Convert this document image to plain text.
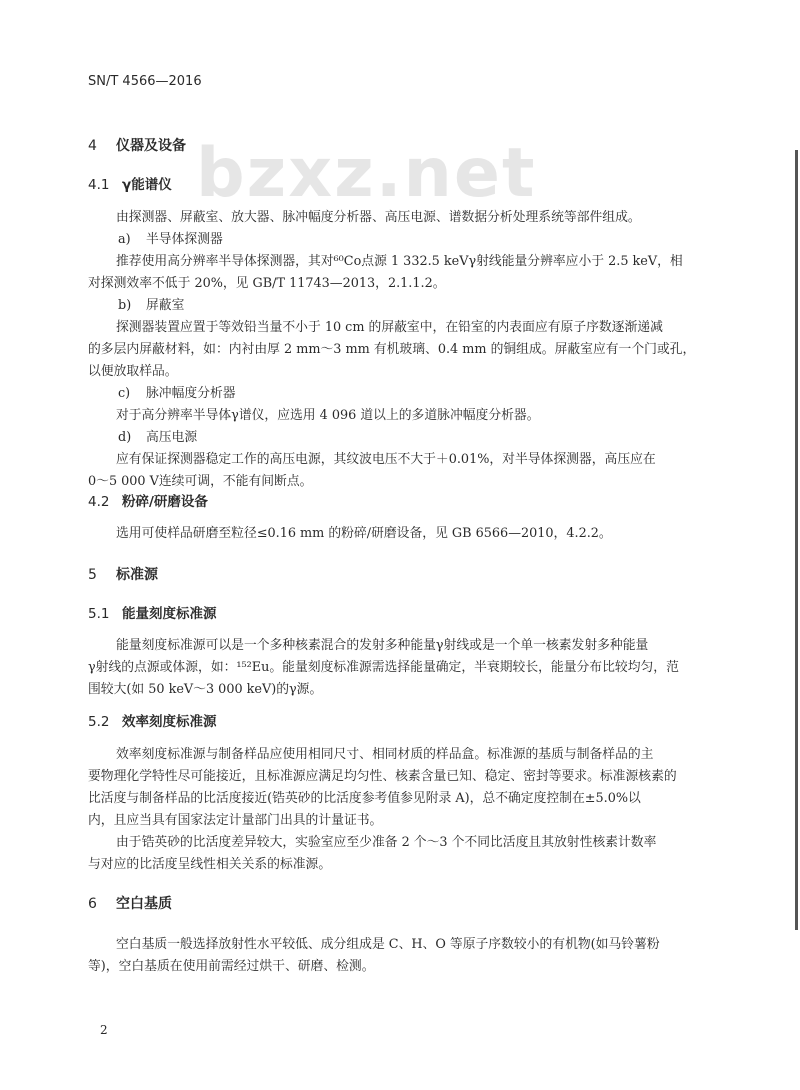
bzxz.net
SN/T 4566—2016
4 仪器及设备
4.1 γ能谱仪
由探测器、屏蔽室、放大器、脉冲幅度分析器、高压电源、谱数据分析处理系统等部件组成。
a) 半导体探测器
推荐使用高分辨率半导体探测器，其对⁶⁰Co点源 1 332.5 keVγ射线能量分辨率应小于 2.5 keV，相
对探测效率不低于 20%，见 GB/T 11743—2013，2.1.1.2。
b) 屏蔽室
探测器装置应置于等效铅当量不小于 10 cm 的屏蔽室中，在铅室的内表面应有原子序数逐渐递减
的多层内屏蔽材料，如：内衬由厚 2 mm～3 mm 有机玻璃、0.4 mm 的铜组成。屏蔽室应有一个门或孔，
以便放取样品。
c) 脉冲幅度分析器
对于高分辨率半导体γ谱仪，应选用 4 096 道以上的多道脉冲幅度分析器。
d) 高压电源
应有保证探测器稳定工作的高压电源，其纹波电压不大于＋0.01%，对半导体探测器，高压应在
0～5 000 V连续可调，不能有间断点。
4.2 粉碎/研磨设备
选用可使样品研磨至粒径≤0.16 mm 的粉碎/研磨设备，见 GB 6566—2010，4.2.2。
5 标准源
5.1 能量刻度标准源
能量刻度标准源可以是一个多种核素混合的发射多种能量γ射线或是一个单一核素发射多种能量
γ射线的点源或体源，如：¹⁵²Eu。能量刻度标准源需选择能量确定，半衰期较长，能量分布比较均匀，范
围较大(如 50 keV～3 000 keV)的γ源。
5.2 效率刻度标准源
效率刻度标准源与制备样品应使用相同尺寸、相同材质的样品盒。标准源的基质与制备样品的主
要物理化学特性尽可能接近，且标准源应满足均匀性、核素含量已知、稳定、密封等要求。标准源核素的
比活度与制备样品的比活度接近(锆英砂的比活度参考值参见附录 A)，总不确定度控制在±5.0%以
内，且应当具有国家法定计量部门出具的计量证书。
由于锆英砂的比活度差异较大，实验室应至少准备 2 个～3 个不同比活度且其放射性核素计数率
与对应的比活度呈线性相关关系的标准源。
6 空白基质
空白基质一般选择放射性水平较低、成分组成是 C、H、O 等原子序数较小的有机物(如马铃薯粉
等)，空白基质在使用前需经过烘干、研磨、检测。
2
